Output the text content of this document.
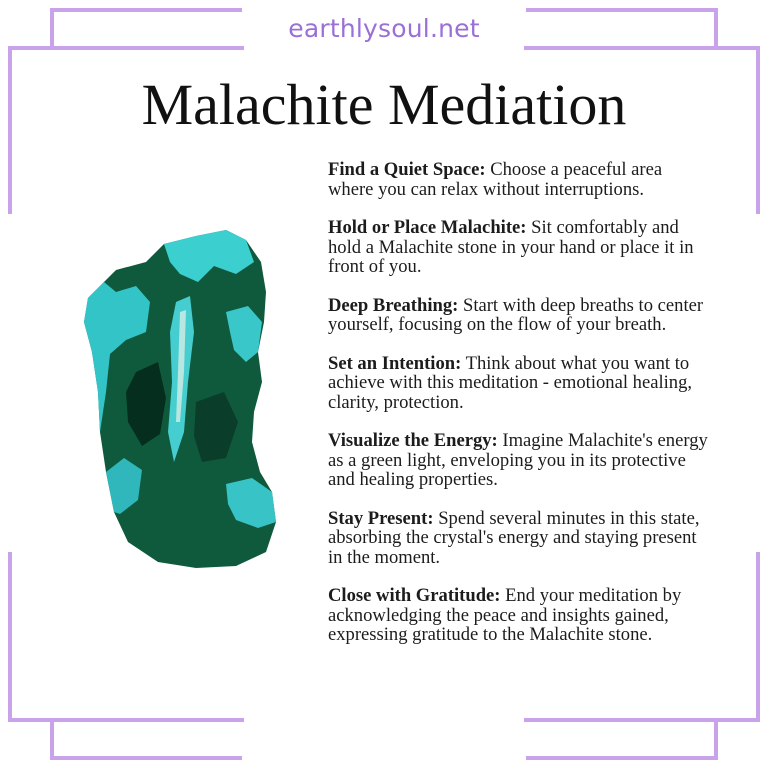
earthlysoul.net
Malachite Mediation

Find a Quiet Space: Choose a peaceful area where you can relax without interruptions.

Hold or Place Malachite: Sit comfortably and hold a Malachite stone in your hand or place it in front of you.

Deep Breathing: Start with deep breaths to center yourself, focusing on the flow of your breath.

Set an Intention: Think about what you want to achieve with this meditation - emotional healing, clarity, protection.

Visualize the Energy: Imagine Malachite's energy as a green light, enveloping you in its protective and healing properties.

Stay Present: Spend several minutes in this state, absorbing the crystal's energy and staying present in the moment.

Close with Gratitude: End your meditation by acknowledging the peace and insights gained, expressing gratitude to the Malachite stone.
